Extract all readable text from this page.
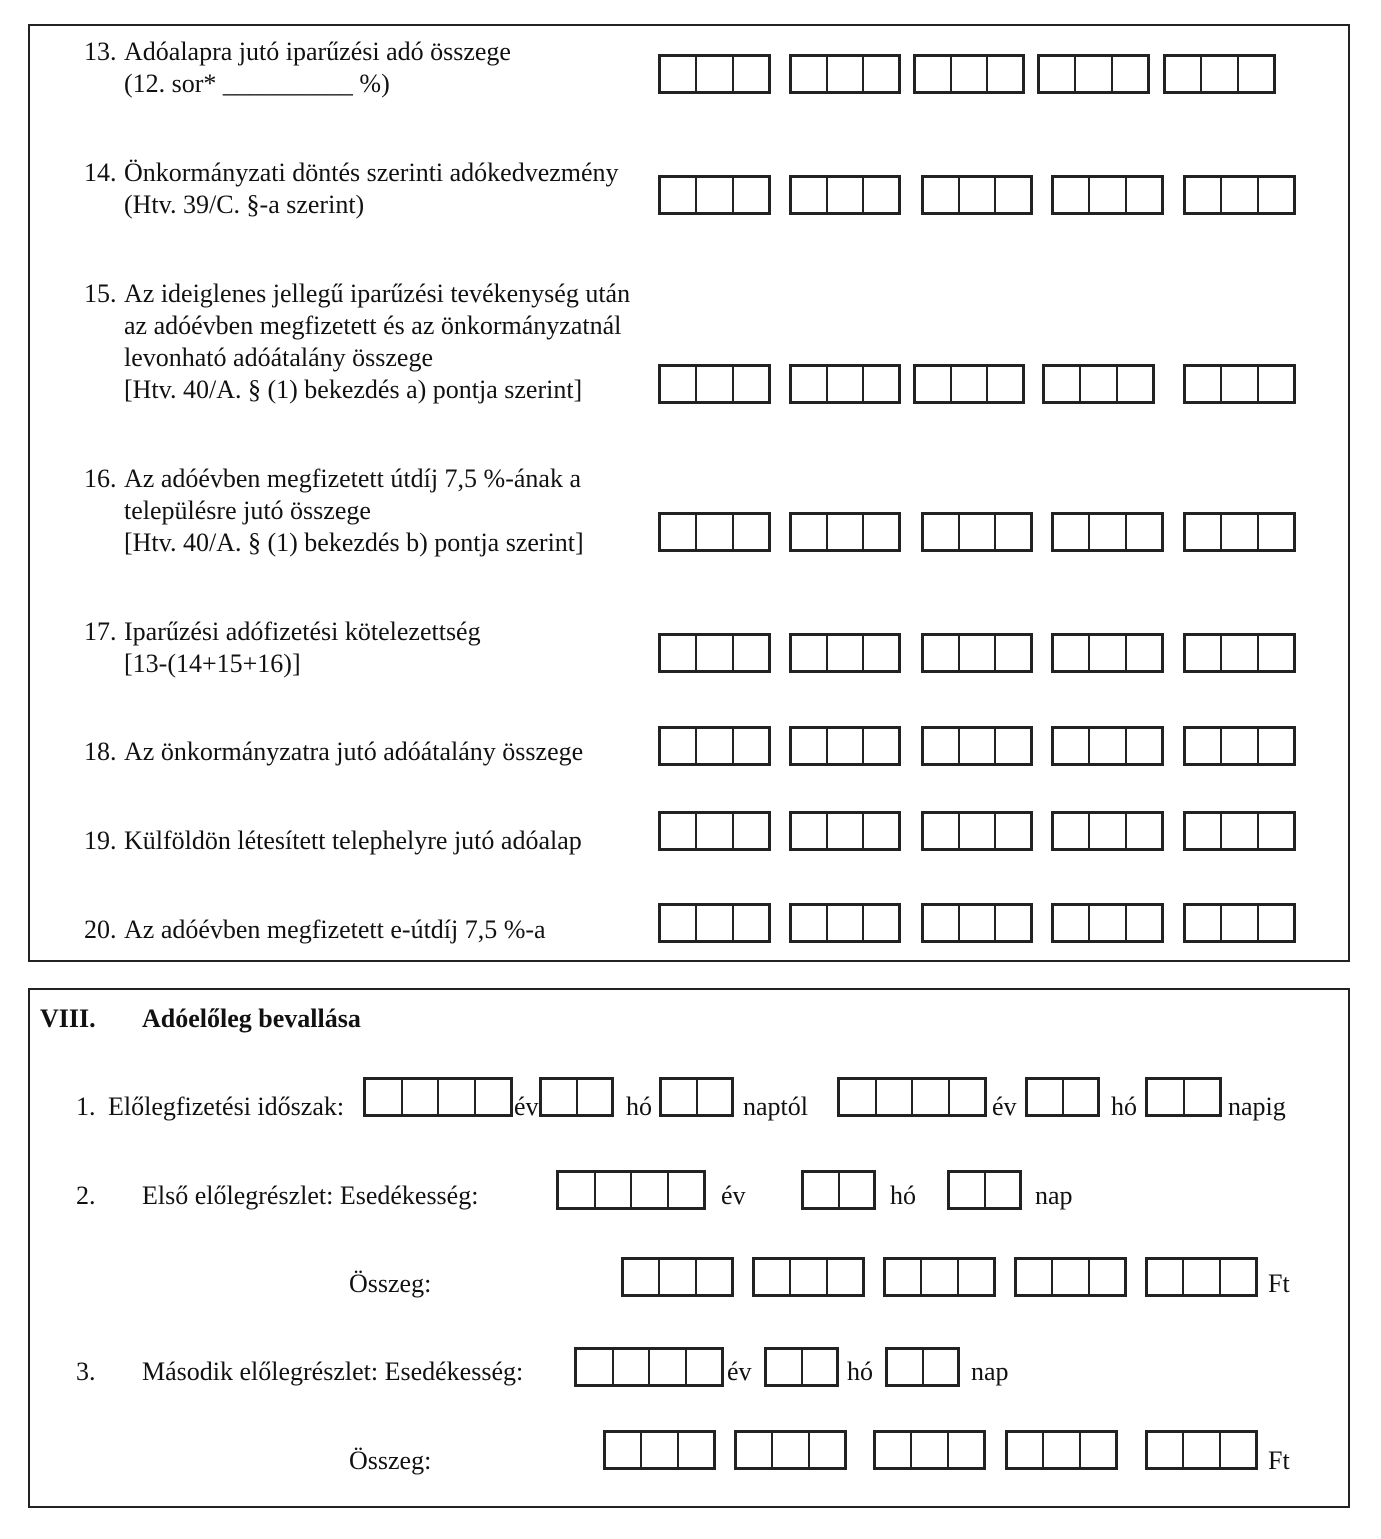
13. Adóalapra jutó iparűzési adó összege
(12. sor* __________ %)
14. Önkormányzati döntés szerinti adókedvezmény
(Htv. 39/C. §-a szerint)
15. Az ideiglenes jellegű iparűzési tevékenység után
az adóévben megfizetett és az önkormányzatnál
levonható adóátalány összege
[Htv. 40/A. § (1) bekezdés a) pontja szerint]
16. Az adóévben megfizetett útdíj 7,5 %-ának a
településre jutó összege
[Htv. 40/A. § (1) bekezdés b) pontja szerint]
17. Iparűzési adófizetési kötelezettség
[13-(14+15+16)]
18. Az önkormányzatra jutó adóátalány összege
19. Külföldön létesített telephelyre jutó adóalap
20. Az adóévben megfizetett e-útdíj 7,5 %-a
VIII. Adóelőleg bevallása
1. Előlegfizetési időszak:	év	hó	naptól	év	hó	napig
2. Első előlegrészlet: Esedékesség:	év	hó	nap
Összeg:	Ft
3. Második előlegrészlet: Esedékesség:	év	hó	nap
Összeg:	Ft
